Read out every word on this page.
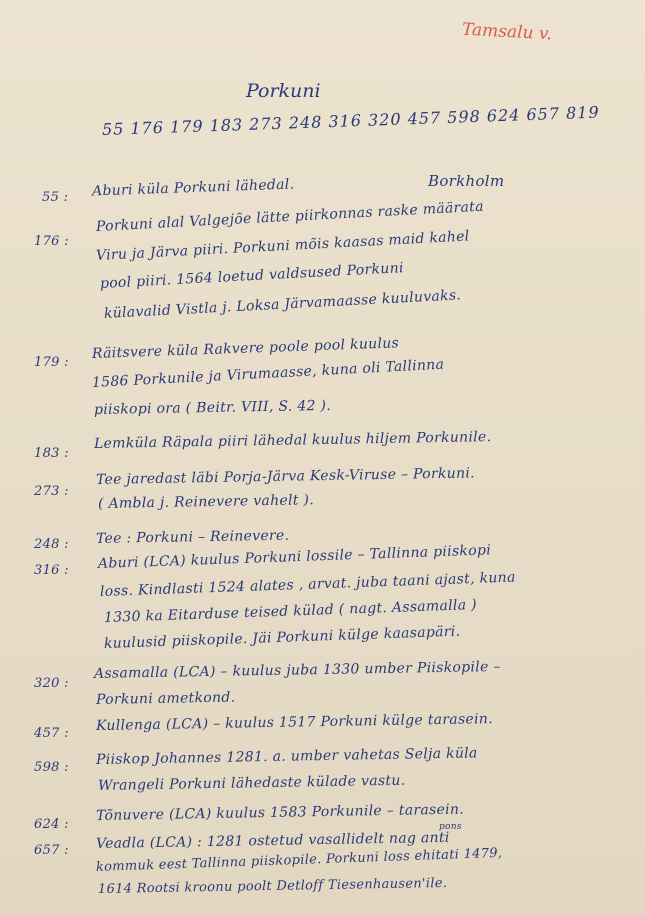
Tamsalu v.
Porkuni
55 176 179 183 273 248 316 320 457 598 624 657 819
55 : Aburi küla Porkuni lähedal.	Borkholm
176 :
Porkuni alal Valgejõe lätte piirkonnas raske määrata
Viru ja Järva piiri. Porkuni mõis kaasas maid kahel
pool piiri. 1564 loetud valdsused Porkuni
külavalid Vistla j. Loksa Järvamaasse kuuluvaks.
179 :
Räitsvere küla Rakvere poole pool kuulus
1586 Porkunile ja Virumaasse, kuna oli Tallinna
piiskopi ora ( Beitr. VIII, S. 42 ).
183 :
Lemküla Räpala piiri lähedal kuulus hiljem Porkunile.
273 :
Tee jaredast läbi Porja-Järva Kesk-Viruse – Porkuni.
( Ambla j. Reinevere vahelt ).
248 : Tee : Porkuni – Reinevere.
316 : Aburi (LCA) kuulus Porkuni lossile – Tallinna piiskopi
loss. Kindlasti 1524 alates , arvat. juba taani ajast, kuna
1330 ka Eitarduse teised külad ( nagt. Assamalla )
kuulusid piiskopile. Jäi Porkuni külge kaasapäri.
320 :
Assamalla (LCA) – kuulus juba 1330 umber Piiskopile –
Porkuni ametkond.
457 : Kullenga (LCA) – kuulus 1517 Porkuni külge tarasein.
598 : Piiskop Johannes 1281. a. umber vahetas Selja küla
Wrangeli Porkuni lähedaste külade vastu.
624 :
Tõnuvere (LCA) kuulus 1583 Porkunile – tarasein.
657 : Veadla (LCA) : 1281 ostetud vasallidelt nag anti
pons
kommuk eest Tallinna piiskopile. Porkuni loss ehitati 1479,
1614 Rootsi kroonu poolt Detloff Tiesenhausen'ile.
